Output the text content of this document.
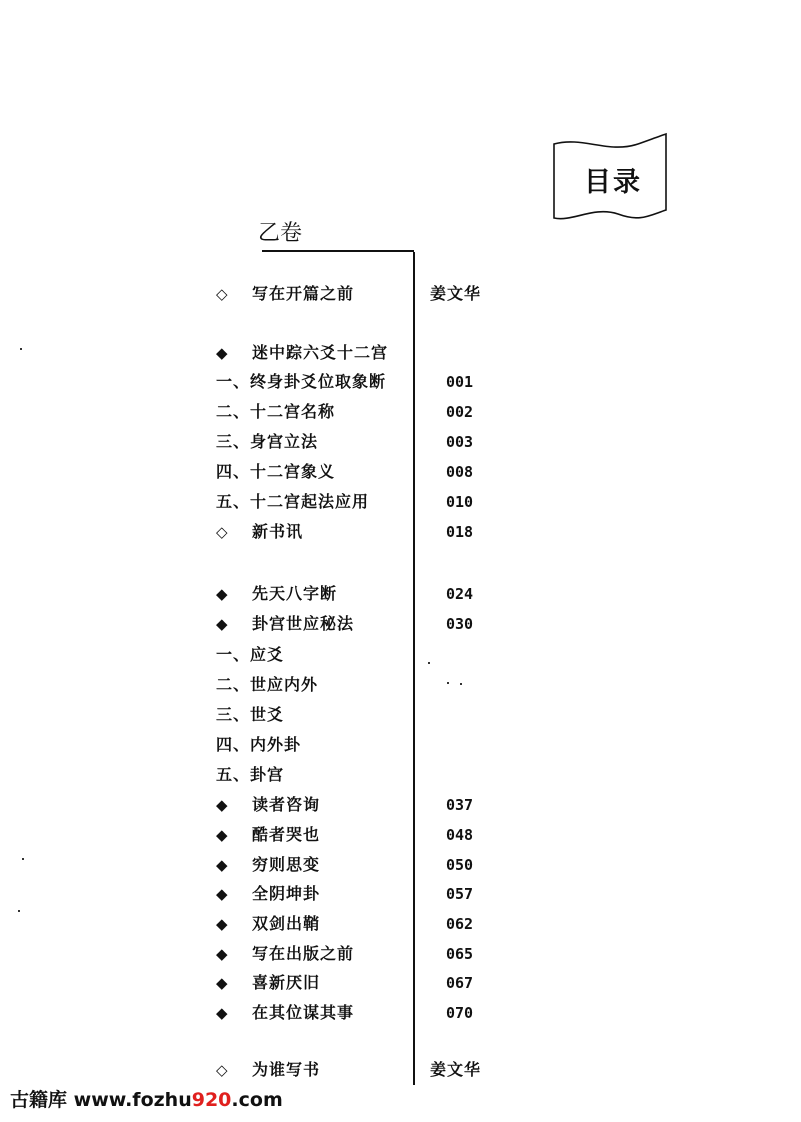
目录
乙卷
◇	写在开篇之前	姜文华
◆	迷中踪六爻十二宫
一、终身卦爻位取象断	001
二、十二宫名称	002
三、身宫立法	003
四、十二宫象义	008
五、十二宫起法应用	010
◇	新书讯	018
◆	先天八字断	024
◆	卦宫世应秘法	030
一、应爻
二、世应内外
三、世爻
四、内外卦
五、卦宫
◆	读者咨询	037
◆	酷者哭也	048
◆	穷则思变	050
◆	全阴坤卦	057
◆	双剑出鞘	062
◆	写在出版之前	065
◆	喜新厌旧	067
◆	在其位谋其事	070
◇	为谁写书	姜文华
古籍库 www.fozhu920.com
